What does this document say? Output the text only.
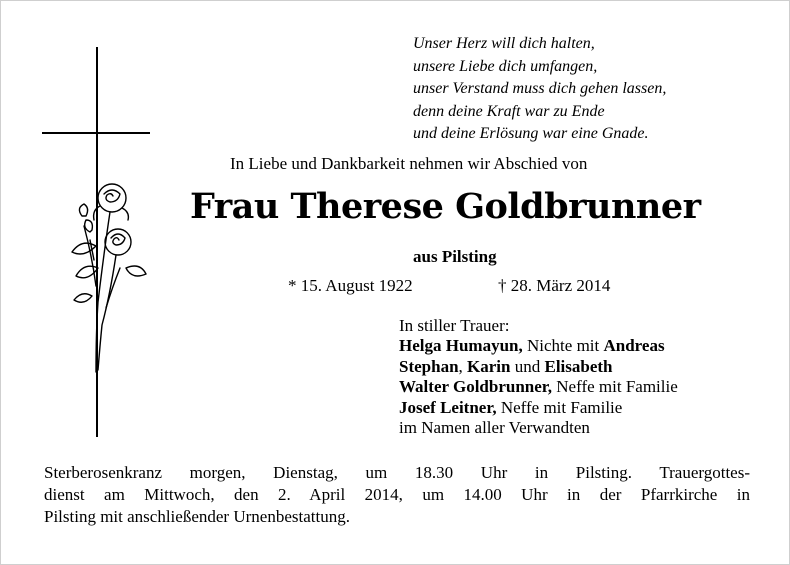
Unser Herz will dich halten,
unsere Liebe dich umfangen,
unser Verstand muss dich gehen lassen,
denn deine Kraft war zu Ende
und deine Erlösung war eine Gnade.
In Liebe und Dankbarkeit nehmen wir Abschied von
Frau Therese Goldbrunner
aus Pilsting
* 15. August 1922	† 28. März 2014
In stiller Trauer:
Helga Humayun, Nichte mit Andreas
Stephan, Karin und Elisabeth
Walter Goldbrunner, Neffe mit Familie
Josef Leitner, Neffe mit Familie
im Namen aller Verwandten
Sterberosenkranz morgen, Dienstag, um 18.30 Uhr in Pilsting. Trauergottes-
dienst am Mittwoch, den 2. April 2014, um 14.00 Uhr in der Pfarrkirche in
Pilsting mit anschließender Urnenbestattung.
